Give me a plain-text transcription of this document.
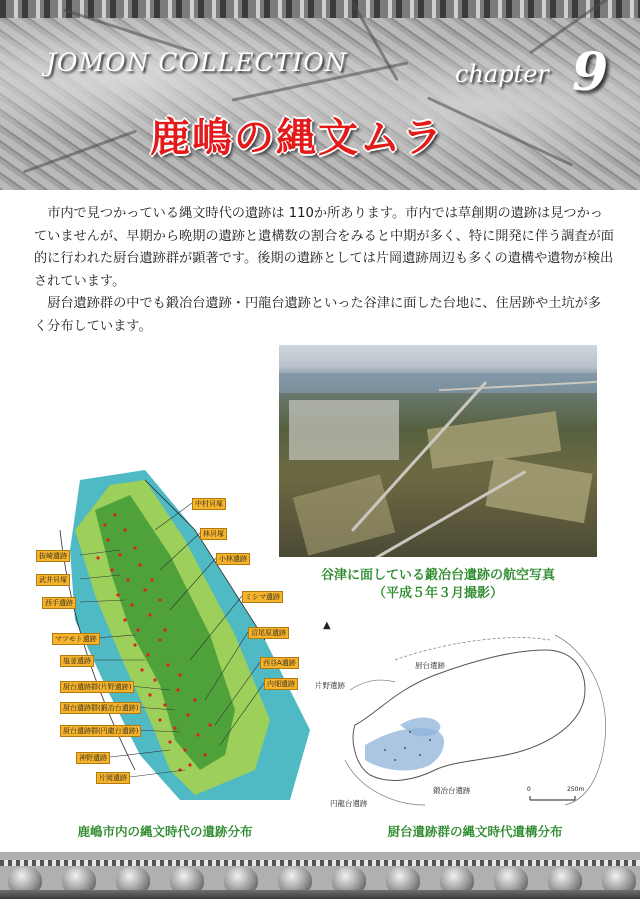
JOMON COLLECTION	chapter 9
鹿嶋の縄文ムラ

市内で見つかっている縄文時代の遺跡は 110か所あります。市内では草創期の遺跡は見つかっていませんが、早期から晩期の遺跡と遺構数の割合をみると中期が多く、特に開発に伴う調査が面的に行われた厨台遺跡群が顕著です。後期の遺跡としては片岡遺跡周辺も多くの遺構や遺物が検出されています。

厨台遺跡群の中でも鍛冶台遺跡・円龍台遺跡といった谷津に面した台地に、住居跡や土坑が多く分布しています。

谷津に面している鍛冶台遺跡の航空写真
（平成５年３月撮影）
抜崎遺跡
武井貝塚
西手遺跡
マツモト遺跡
塩釜遺跡
厨台遺跡群(片野遺跡)
厨台遺跡群(鍛冶台遺跡)
厨台遺跡群(円龍台遺跡)
神野遺跡
片岡遺跡
中村貝塚
林貝塚
小林遺跡
ミシマ遺跡
沼尾原遺跡
西谷A遺跡
内畑遺跡
鹿嶋市内の縄文時代の遺跡分布
▲
片野遺跡
厨台遺跡
鍛冶台遺跡
円龍台遺跡
0	250m
厨台遺跡群の縄文時代遺構分布
